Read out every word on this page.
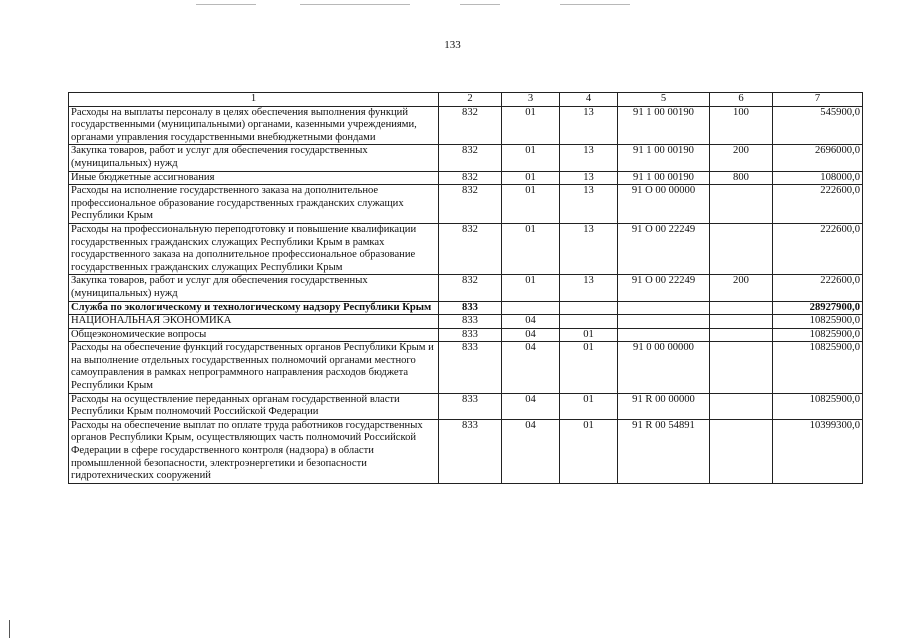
133
1	2	3	4	5	6	7
Расходы на выплаты персоналу в целях обеспечения выполнения функций государственными (муниципальными) органами, казенными учреждениями, органами управления государственными внебюджетными фондами	832	01	13	91 1 00 00190	100	545900,0
Закупка товаров, работ и услуг для обеспечения государственных (муниципальных) нужд	832	01	13	91 1 00 00190	200	2696000,0
Иные бюджетные ассигнования	832	01	13	91 1 00 00190	800	108000,0
Расходы на исполнение государственного заказа на дополнительное профессиональное образование государственных гражданских служащих Республики Крым	832	01	13	91 О 00 00000		222600,0
Расходы на профессиональную переподготовку и повышение квалификации государственных гражданских служащих Республики Крым в рамках государственного заказа на дополнительное профессиональное образование государственных гражданских служащих Республики Крым	832	01	13	91 О 00 22249		222600,0
Закупка товаров, работ и услуг для обеспечения государственных (муниципальных) нужд	832	01	13	91 О 00 22249	200	222600,0
Служба по экологическому и технологическому надзору Республики Крым	833					28927900,0
НАЦИОНАЛЬНАЯ ЭКОНОМИКА	833	04				10825900,0
Общеэкономические вопросы	833	04	01			10825900,0
Расходы на обеспечение функций государственных органов Республики Крым и на выполнение отдельных государственных полномочий органами местного самоуправления в рамках непрограммного направления расходов бюджета Республики Крым	833	04	01	91 0 00 00000		10825900,0
Расходы на осуществление переданных органам государственной власти Республики Крым полномочий Российской Федерации	833	04	01	91 R 00 00000		10825900,0
Расходы на обеспечение выплат по оплате труда работников государственных органов Республики Крым, осуществляющих часть полномочий Российской Федерации в сфере государственного контроля (надзора) в области промышленной безопасности, электроэнергетики и безопасности гидротехнических сооружений	833	04	01	91 R 00 54891		10399300,0
